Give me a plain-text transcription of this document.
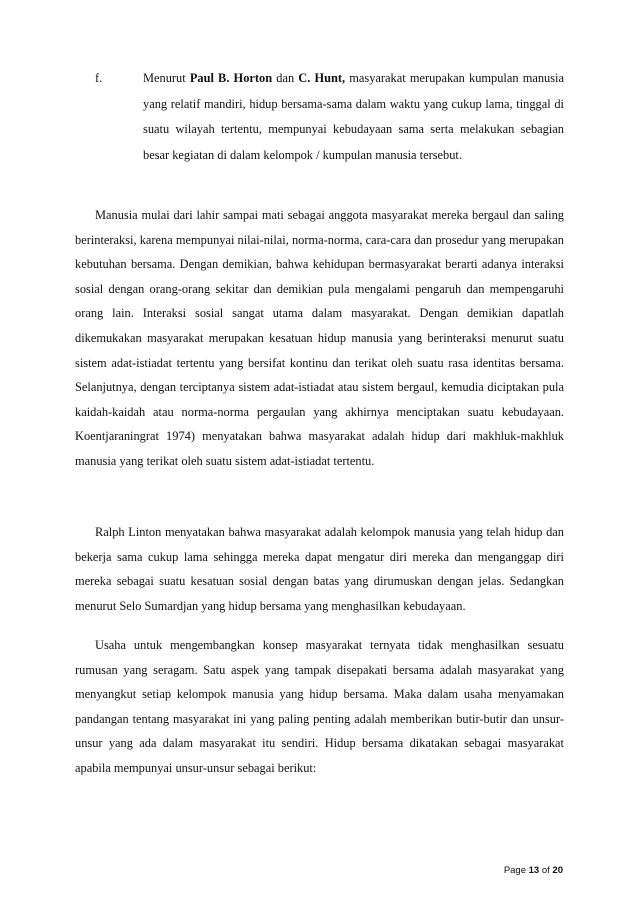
f.	Menurut Paul B. Horton dan C. Hunt, masyarakat merupakan kumpulan manusia yang relatif mandiri, hidup bersama-sama dalam waktu yang cukup lama, tinggal di suatu wilayah tertentu, mempunyai kebudayaan sama serta melakukan sebagian besar kegiatan di dalam kelompok / kumpulan manusia tersebut.

Manusia mulai dari lahir sampai mati sebagai anggota masyarakat mereka bergaul dan saling berinteraksi, karena mempunyai nilai-nilai, norma-norma, cara-cara dan prosedur yang merupakan kebutuhan bersama. Dengan demikian, bahwa kehidupan bermasyarakat berarti adanya interaksi sosial dengan orang-orang sekitar dan demikian pula mengalami pengaruh dan mempengaruhi orang lain. Interaksi sosial sangat utama dalam masyarakat. Dengan demikian dapatlah dikemukakan masyarakat merupakan kesatuan hidup manusia yang berinteraksi menurut suatu sistem adat-istiadat tertentu yang bersifat kontinu dan terikat oleh suatu rasa identitas bersama. Selanjutnya, dengan terciptanya sistem adat-istiadat atau sistem bergaul, kemudia diciptakan pula kaidah-kaidah atau norma-norma pergaulan yang akhirnya menciptakan suatu kebudayaan. Koentjaraningrat 1974) menyatakan bahwa masyarakat adalah hidup dari makhluk-makhluk manusia yang terikat oleh suatu sistem adat-istiadat tertentu.

Ralph Linton menyatakan bahwa masyarakat adalah kelompok manusia yang telah hidup dan bekerja sama cukup lama sehingga mereka dapat mengatur diri mereka dan menganggap diri mereka sebagai suatu kesatuan sosial dengan batas yang dirumuskan dengan jelas. Sedangkan menurut Selo Sumardjan yang hidup bersama yang menghasilkan kebudayaan.

Usaha untuk mengembangkan konsep masyarakat ternyata tidak menghasilkan sesuatu rumusan yang seragam. Satu aspek yang tampak disepakati bersama adalah masyarakat yang menyangkut setiap kelompok manusia yang hidup bersama. Maka dalam usaha menyamakan pandangan tentang masyarakat ini yang paling penting adalah memberikan butir-butir dan unsur-unsur yang ada dalam masyarakat itu sendiri. Hidup bersama dikatakan sebagai masyarakat apabila mempunyai unsur-unsur sebagai berikut:

Page 13 of 20
